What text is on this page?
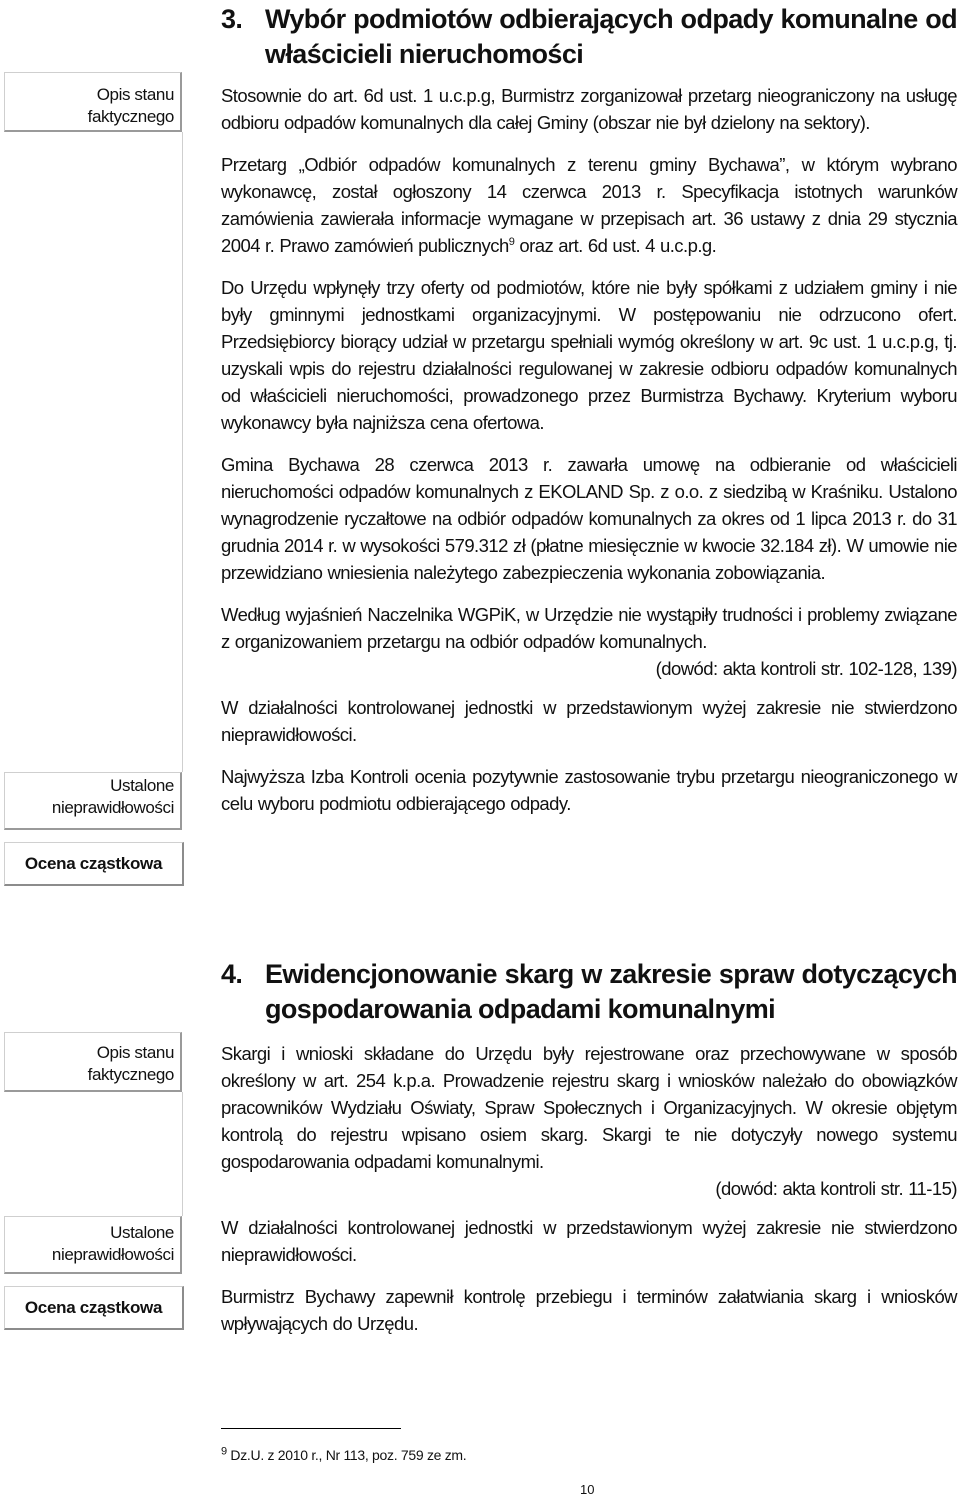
Opis stanu
faktycznego
Ustalone
nieprawidłowości
Ocena cząstkowa
3. Wybór podmiotów odbierających odpady komunalne od właścicieli nieruchomości

Stosownie do art. 6d ust. 1 u.c.p.g, Burmistrz zorganizował przetarg nieograniczony na usługę odbioru odpadów komunalnych dla całej Gminy (obszar nie był dzielony na sektory).

Przetarg „Odbiór odpadów komunalnych z terenu gminy Bychawa”, w którym wybrano wykonawcę, został ogłoszony 14 czerwca 2013 r. Specyfikacja istotnych warunków zamówienia zawierała informacje wymagane w przepisach art. 36 ustawy z dnia 29 stycznia 2004 r. Prawo zamówień publicznych$^9$ oraz art. 6d ust. 4 u.c.p.g.

Do Urzędu wpłynęły trzy oferty od podmiotów, które nie były spółkami z udziałem gminy i nie były gminnymi jednostkami organizacyjnymi. W postępowaniu nie odrzucono ofert. Przedsiębiorcy biorący udział w przetargu spełniali wymóg określony w art. 9c ust. 1 u.c.p.g, tj. uzyskali wpis do rejestru działalności regulowanej w zakresie odbioru odpadów komunalnych od właścicieli nieruchomości, prowadzonego przez Burmistrza Bychawy. Kryterium wyboru wykonawcy była najniższa cena ofertowa.

Gmina Bychawa 28 czerwca 2013 r. zawarła umowę na odbieranie od właścicieli nieruchomości odpadów komunalnych z EKOLAND Sp. z o.o. z siedzibą w Kraśniku. Ustalono wynagrodzenie ryczałtowe na odbiór odpadów komunalnych za okres od 1 lipca 2013 r. do 31 grudnia 2014 r. w wysokości 579.312 zł (płatne miesięcznie w kwocie 32.184 zł). W umowie nie przewidziano wniesienia należytego zabezpieczenia wykonania zobowiązania.

Według wyjaśnień Naczelnika WGPiK, w Urzędzie nie wystąpiły trudności i problemy związane z organizowaniem przetargu na odbiór odpadów komunalnych.

(dowód: akta kontroli str. 102-128, 139)

W działalności kontrolowanej jednostki w przedstawionym wyżej zakresie nie stwierdzono nieprawidłowości.

Najwyższa Izba Kontroli ocenia pozytywnie zastosowanie trybu przetargu nieograniczonego w celu wyboru podmiotu odbierającego odpady.

Opis stanu
faktycznego
Ustalone
nieprawidłowości
Ocena cząstkowa
4. Ewidencjonowanie skarg w zakresie spraw dotyczących gospodarowania odpadami komunalnymi

Skargi i wnioski składane do Urzędu były rejestrowane oraz przechowywane w sposób określony w art. 254 k.p.a. Prowadzenie rejestru skarg i wniosków należało do obowiązków pracowników Wydziału Oświaty, Spraw Społecznych i Organizacyjnych. W okresie objętym kontrolą do rejestru wpisano osiem skarg. Skargi te nie dotyczyły nowego systemu gospodarowania odpadami komunalnymi.

(dowód: akta kontroli str. 11-15)

W działalności kontrolowanej jednostki w przedstawionym wyżej zakresie nie stwierdzono nieprawidłowości.

Burmistrz Bychawy zapewnił kontrolę przebiegu i terminów załatwiania skarg i wniosków wpływających do Urzędu.

$^9$ Dz.U. z 2010 r., Nr 113, poz. 759 ze zm.
10
